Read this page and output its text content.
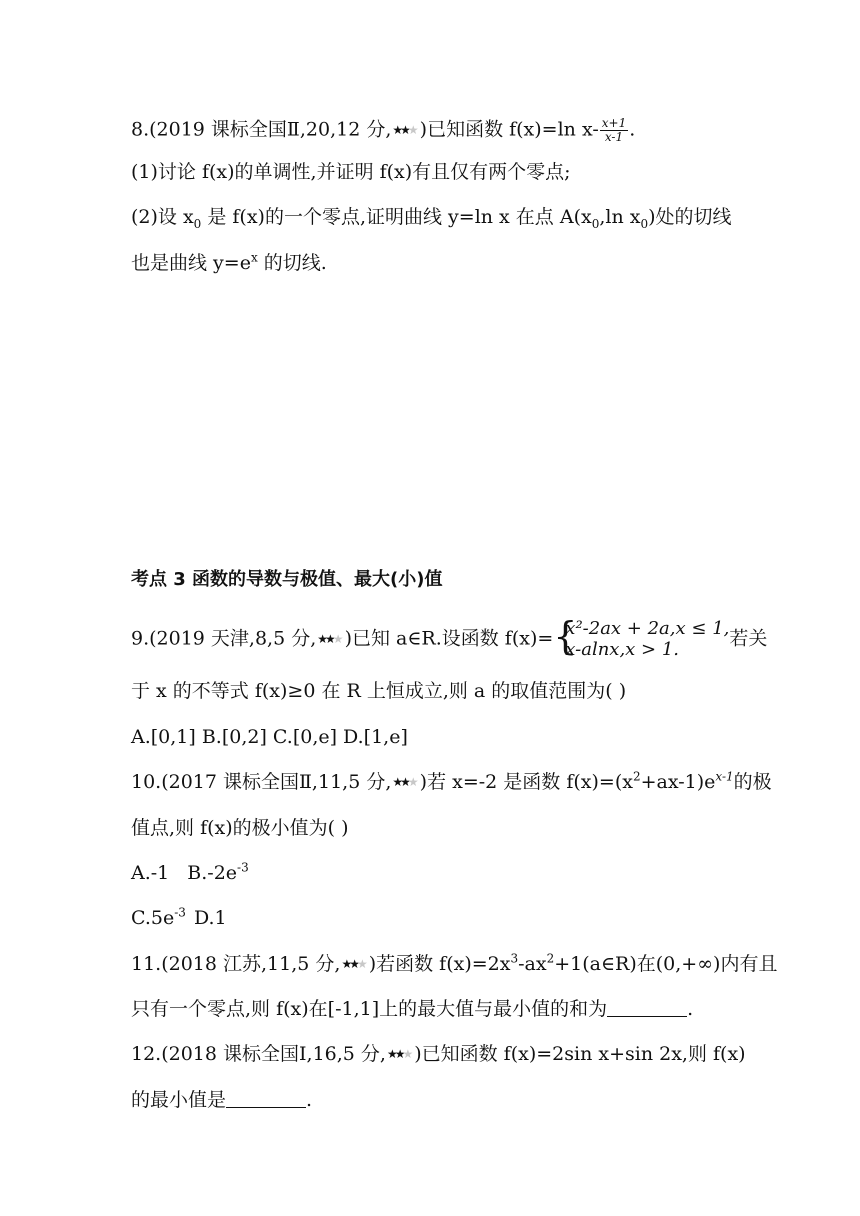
8.(2019 课标全国Ⅱ,20,12 分,★★★ )已知函数 f(x)=ln $x- \frac{x+1}{x-1}$ .
(1)讨论 f(x)的单调性,并证明 f(x)有且仅有两个零点;
(2)设 $x_0$ 是 f(x)的一个零点,证明曲线 y=ln x 在点 $A(x_0,\ln$ $x_0$)处的切线
也是曲线 $y=e^x$ 的切线.
考点 3 函数的导数与极值、最大(小)值
9.(2019 天津,8,5 分,★★★ )已知 a∈R.设函数 f(x)= {
x²-2ax + 2a,x ≤ 1,
x-alnx,x > 1.	若关
于 x 的不等式 f(x)≥0 在 R 上恒成立,则 a 的取值范围为( )
A.[0,1] B.[0,2] C.[0,e] D.[1,e]
10.(2017 课标全国Ⅱ,11,5 分,★★★ )若 x=-2 是函数 $f(x)=(x^2+ax-1)e^{x-1}$的极
值点,则 f(x)的极小值为( )
A.-1 $B.-2e^{-3}$
$C.5e^{-3}$ D.1
11.(2018 江苏,11,5 分,★★★ )若函数 $f(x)=2x^3-ax^2+1(a\in R)$在(0,+∞)内有且
只有一个零点,则 f(x)在[-1,1]上的最大值与最小值的和为	.
12.(2018 课标全国Ⅰ,16,5 分,★★★ )已知函数 f(x)=2sin x+sin 2x,则 f(x)
的最小值是	.
